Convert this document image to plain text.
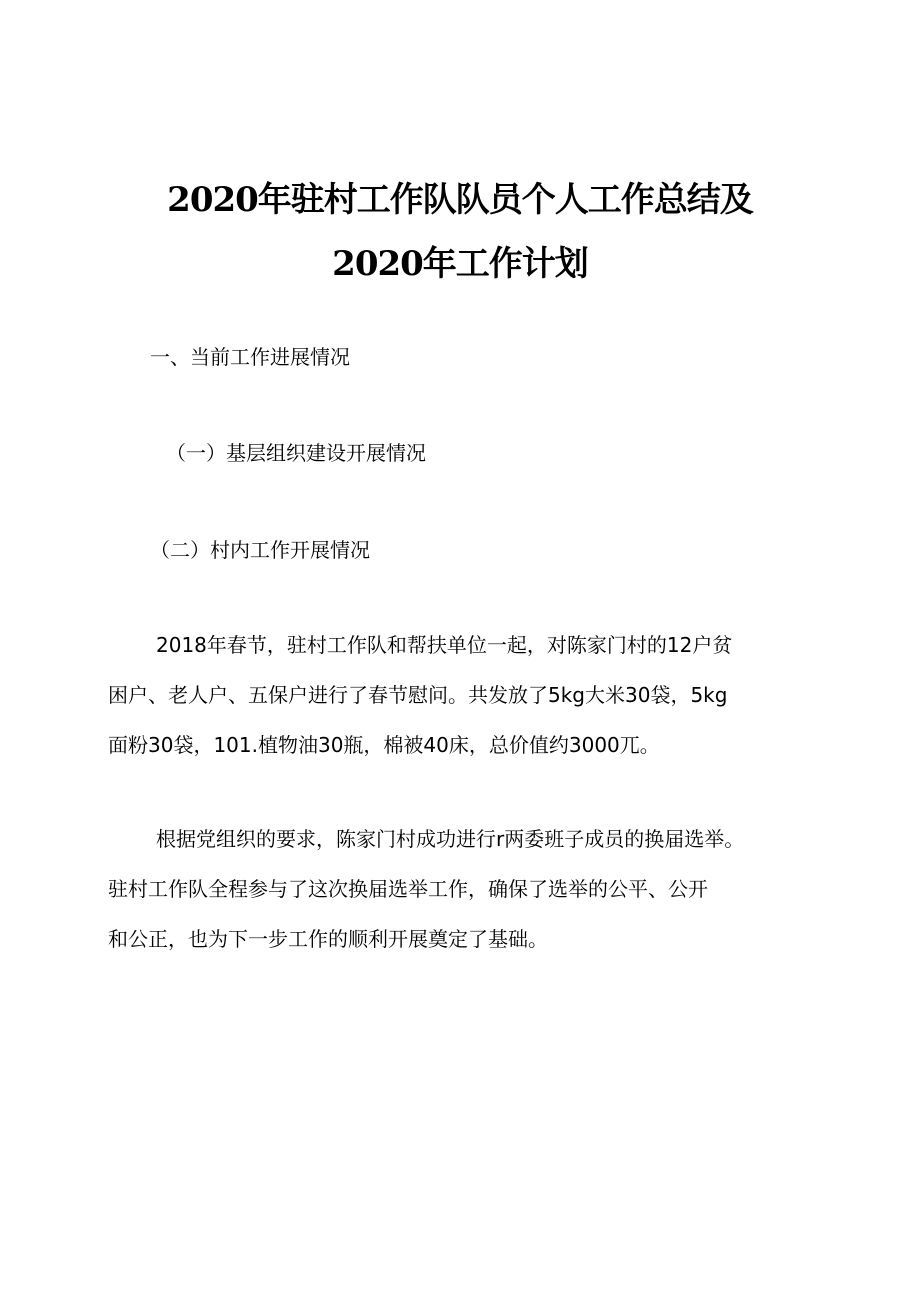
2020年驻村工作队队员个人工作总结及
2020年工作计划
一、当前工作进展情况
（一）基层组织建设开展情况
（二）村内工作开展情况
2018年春节，驻村工作队和帮扶单位一起，对陈家门村的12户贫
困户、老人户、五保户进行了春节慰问。共发放了5kg大米30袋，5kg
面粉30袋，101.植物油30瓶，棉被40床，总价值约3000兀。
根据党组织的要求，陈家门村成功进行r两委班子成员的换届选举。
驻村工作队全程参与了这次换届选举工作，确保了选举的公平、公开
和公正，也为下一步工作的顺利开展奠定了基础。
